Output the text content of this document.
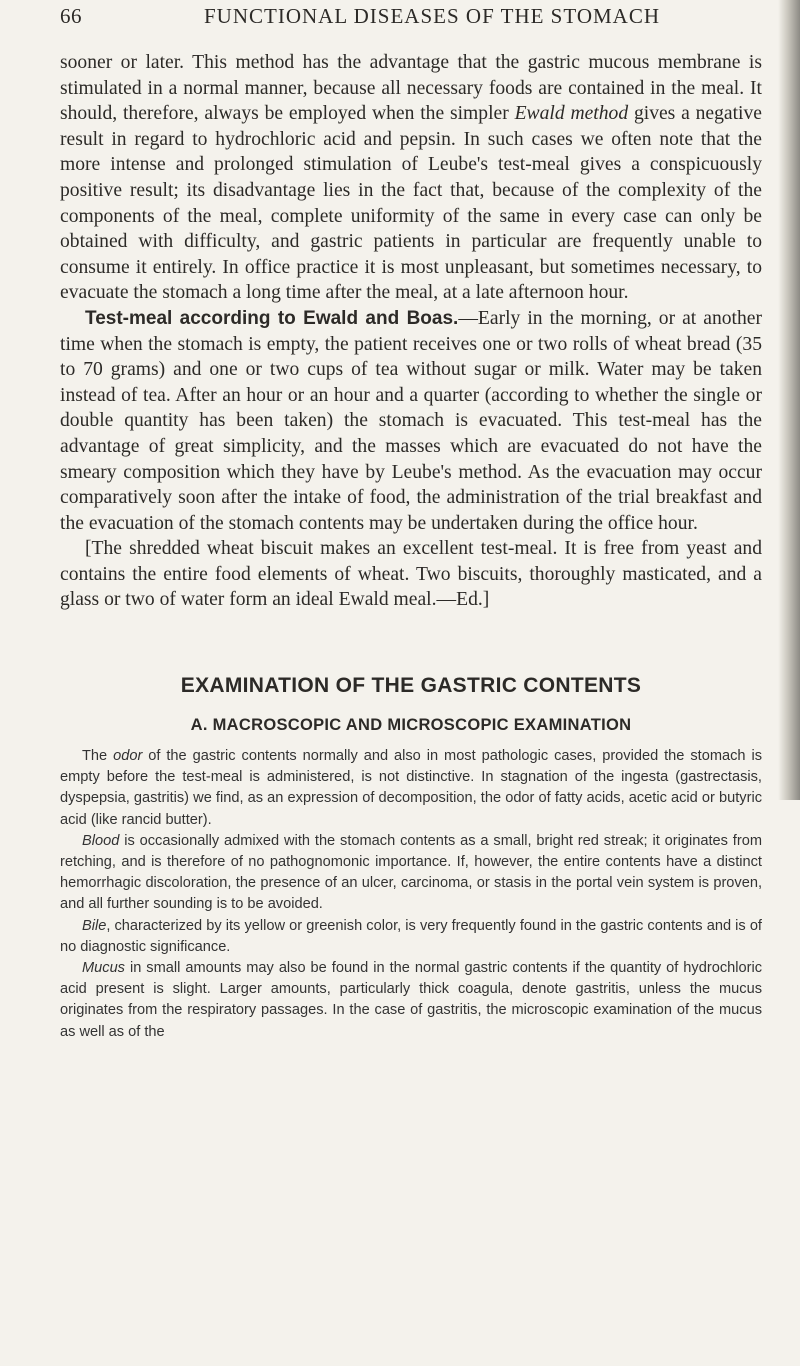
66	FUNCTIONAL DISEASES OF THE STOMACH

sooner or later. This method has the advantage that the gastric mucous membrane is stimulated in a normal manner, because all necessary foods are contained in the meal. It should, therefore, always be employed when the simpler Ewald method gives a negative result in regard to hydrochloric acid and pepsin. In such cases we often note that the more intense and prolonged stimulation of Leube's test-meal gives a conspicuously positive result; its disadvantage lies in the fact that, because of the complexity of the components of the meal, complete uniformity of the same in every case can only be obtained with difficulty, and gastric patients in particular are frequently unable to consume it entirely. In office practice it is most unpleasant, but sometimes necessary, to evacuate the stomach a long time after the meal, at a late afternoon hour.

Test-meal according to Ewald and Boas.—Early in the morning, or at another time when the stomach is empty, the patient receives one or two rolls of wheat bread (35 to 70 grams) and one or two cups of tea without sugar or milk. Water may be taken instead of tea. After an hour or an hour and a quarter (according to whether the single or double quantity has been taken) the stomach is evacuated. This test-meal has the advantage of great simplicity, and the masses which are evacuated do not have the smeary composition which they have by Leube's method. As the evacuation may occur comparatively soon after the intake of food, the administration of the trial breakfast and the evacuation of the stomach contents may be undertaken during the office hour.

[The shredded wheat biscuit makes an excellent test-meal. It is free from yeast and contains the entire food elements of wheat. Two biscuits, thoroughly masticated, and a glass or two of water form an ideal Ewald meal.—Ed.]

EXAMINATION OF THE GASTRIC CONTENTS
A. MACROSCOPIC AND MICROSCOPIC EXAMINATION

The odor of the gastric contents normally and also in most pathologic cases, provided the stomach is empty before the test-meal is administered, is not distinctive. In stagnation of the ingesta (gastrectasis, dyspepsia, gastritis) we find, as an expression of decomposition, the odor of fatty acids, acetic acid or butyric acid (like rancid butter).

Blood is occasionally admixed with the stomach contents as a small, bright red streak; it originates from retching, and is therefore of no pathognomonic importance. If, however, the entire contents have a distinct hemorrhagic discoloration, the presence of an ulcer, carcinoma, or stasis in the portal vein system is proven, and all further sounding is to be avoided.

Bile, characterized by its yellow or greenish color, is very frequently found in the gastric contents and is of no diagnostic significance.

Mucus in small amounts may also be found in the normal gastric contents if the quantity of hydrochloric acid present is slight. Larger amounts, particularly thick coagula, denote gastritis, unless the mucus originates from the respiratory passages. In the case of gastritis, the microscopic examination of the mucus as well as of the
